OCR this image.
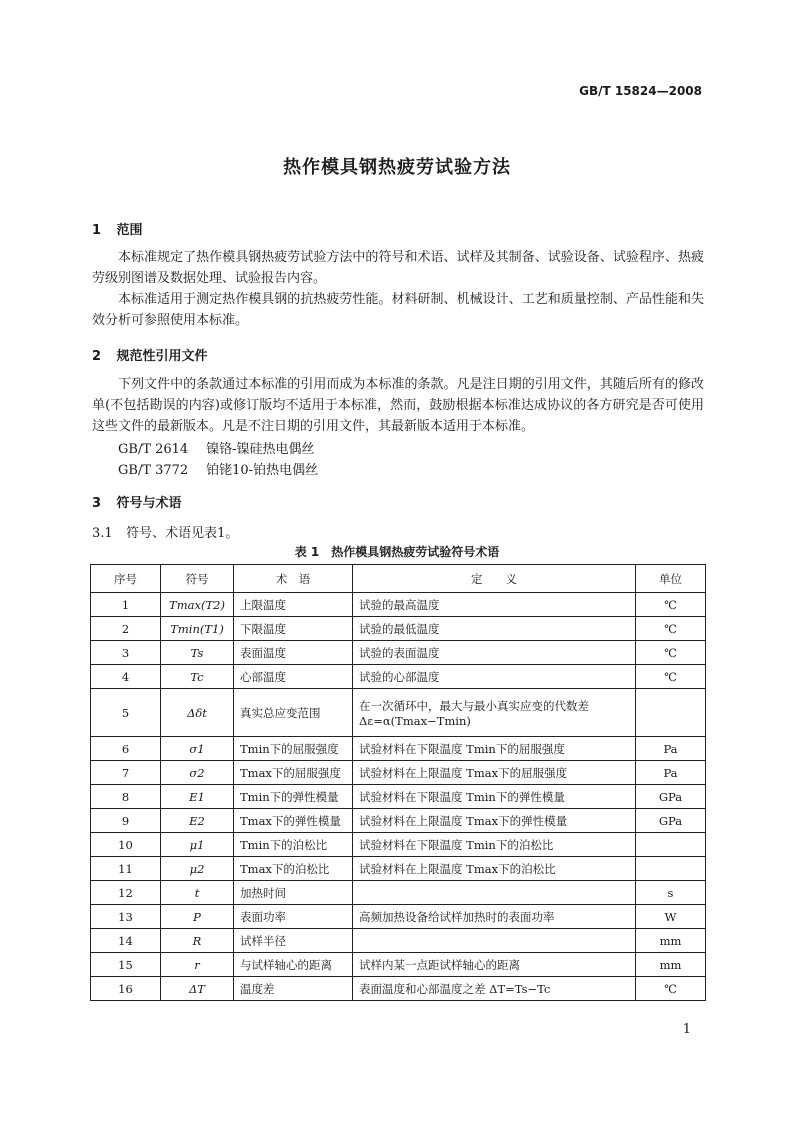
GB/T 15824—2008
热作模具钢热疲劳试验方法
1 范围
本标准规定了热作模具钢热疲劳试验方法中的符号和术语、试样及其制备、试验设备、试验程序、热疲劳级别图谱及数据处理、试验报告内容。
本标准适用于测定热作模具钢的抗热疲劳性能。材料研制、机械设计、工艺和质量控制、产品性能和失效分析可参照使用本标准。
2 规范性引用文件
下列文件中的条款通过本标准的引用而成为本标准的条款。凡是注日期的引用文件，其随后所有的修改单(不包括勘误的内容)或修订版均不适用于本标准，然而，鼓励根据本标准达成协议的各方研究是否可使用这些文件的最新版本。凡是不注日期的引用文件，其最新版本适用于本标准。
GB/T 2614 镍铬-镍硅热电偶丝
GB/T 3772 铂铑10-铂热电偶丝
3 符号与术语
3.1 符号、术语见表1。
表 1　热作模具钢热疲劳试验符号术语
序号	符号	术　语	定　　义	单位
1	Tmax(T2)	上限温度	试验的最高温度	℃
2	Tmin(T1)	下限温度	试验的最低温度	℃
3	Ts	表面温度	试验的表面温度	℃
4	Tc	心部温度	试验的心部温度	℃
5	Δδt	真实总应变范围	在一次循环中，最大与最小真实应变的代数差
Δε=α(Tmax−Tmin)	
6	σ1	Tmin下的屈服强度	试验材料在下限温度 Tmin下的屈服强度	Pa
7	σ2	Tmax下的屈服强度	试验材料在上限温度 Tmax下的屈服强度	Pa
8	E1	Tmin下的弹性模量	试验材料在下限温度 Tmin下的弹性模量	GPa
9	E2	Tmax下的弹性模量	试验材料在上限温度 Tmax下的弹性模量	GPa
10	μ1	Tmin下的泊松比	试验材料在下限温度 Tmin下的泊松比	
11	μ2	Tmax下的泊松比	试验材料在上限温度 Tmax下的泊松比	
12	t	加热时间		s
13	P	表面功率	高频加热设备给试样加热时的表面功率	W
14	R	试样半径		mm
15	r	与试样轴心的距离	试样内某一点距试样轴心的距离	mm
16	ΔT	温度差	表面温度和心部温度之差 ΔT=Ts−Tc	℃
1
